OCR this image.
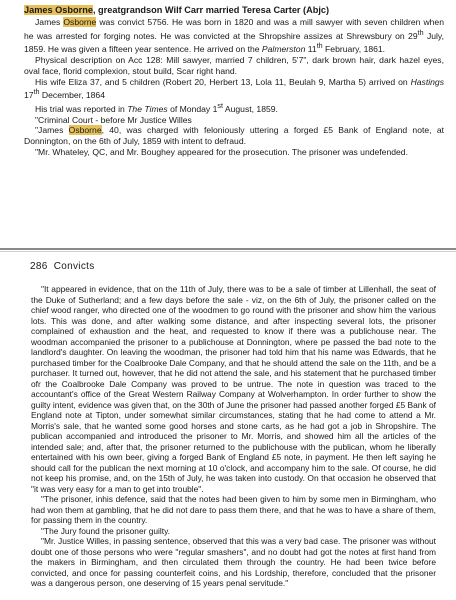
James Osborne, greatgrandson Wilf Carr married Teresa Carter (Abjc)

James Osborne was convict 5756. He was born in 1820 and was a mill sawyer with seven children when he was arrested for forging notes. He was convicted at the Shropshire assizes at Shrewsbury on 29th July, 1859. He was given a fifteen year sentence. He arrived on the Palmerston 11th February, 1861.

Physical description on Acc 128: Mill sawyer, married 7 children, 5'7", dark brown hair, dark hazel eyes, oval face, florid complexion, stout build, Scar right hand.

His wife Eliza 37, and 5 children (Robert 20, Herbert 13, Lola 11, Beulah 9, Martha 5) arrived on Hastings 17th December, 1864

His trial was reported in The Times of Monday 1st August, 1859.

"Criminal Court - before Mr Justice Willes

"James Osborne, 40, was charged with feloniously uttering a forged £5 Bank of England note, at Donnington, on the 6th of July, 1859 with intent to defraud.

"Mr. Whateley, QC, and Mr. Boughey appeared for the prosecution. The prisoner was undefended.

286 Convicts

"It appeared in evidence, that on the 11th of July, there was to be a sale of timber at Lillenhall, the seat of the Duke of Sutherland; and a few days before the sale - viz, on the 6th of July, the prisoner called on the chief wood ranger, who directed one of the woodmen to go round with the prisoner and show him the various lots. This was done, and after walking some distance, and after inspecting several lots, the prisoner complained of exhaustion and the heat, and requested to know if there was a publichouse near. The woodman accompanied the prisoner to a publichouse at Donnington, where pe passed the bad note to the landlord's daughter. On leaving the woodman, the prisoner had told him that his name was Edwards, that he purchased timber for the Coalbrooke Dale Company, and that he should attend the sale on the 11th, and be a purchaser. It turned out, however, that he did not attend the sale, and his statement that he purchased timber ofr the Coalbrooke Dale Company was proved to be untrue. The note in question was traced to the accountant's office of the Great Western Railway Company at Wolverhampton. In order further to show the guilty intent, evidence was given that, on the 30th of June the prisoner had passed another forged £5 Bank of England note at Tipton, under somewhat similar circumstances, stating that he had come to attend a Mr. Morris's sale, that he wanted some good horses and stone carts, as he had got a job in Shropshire. The publican accompanied and introduced the prisoner to Mr. Morris, and showed him all the articles of the intended sale; and, after that, the prisoner returned to the publichouse with the publican, whom he liberally entertained with his own beer, giving a forged Bank of England £5 note, in payment. He then left saying he should call for the publican the next morning at 10 o'clock, and accompany him to the sale. Of course, he did not keep his promise, and, on the 15th of July, he was taken into custody. On that occasion he observed that "it was very easy for a man to get into trouble".

"The prisoner, inhis defence, said that the notes had been given to him by some men in Birmingham, who had won them at gambling, that he did not dare to pass them there, and that he was to have a share of them, for passing them in the country.

"The Jury found the prisoner guilty.

"Mr. Justice Willes, in passing sentence, observed that this was a very bad case. The prisoner was without doubt one of those persons who were "regular smashers", and no doubt had got the notes at first hand from the makers in Birmingham, and then circulated them through the country. He had been twice before convicted, and once for passing counterfeit coins, and his Lordship, therefore, concluded that the prisoner was a dangerous person, one deserving of 15 years penal servitude."
